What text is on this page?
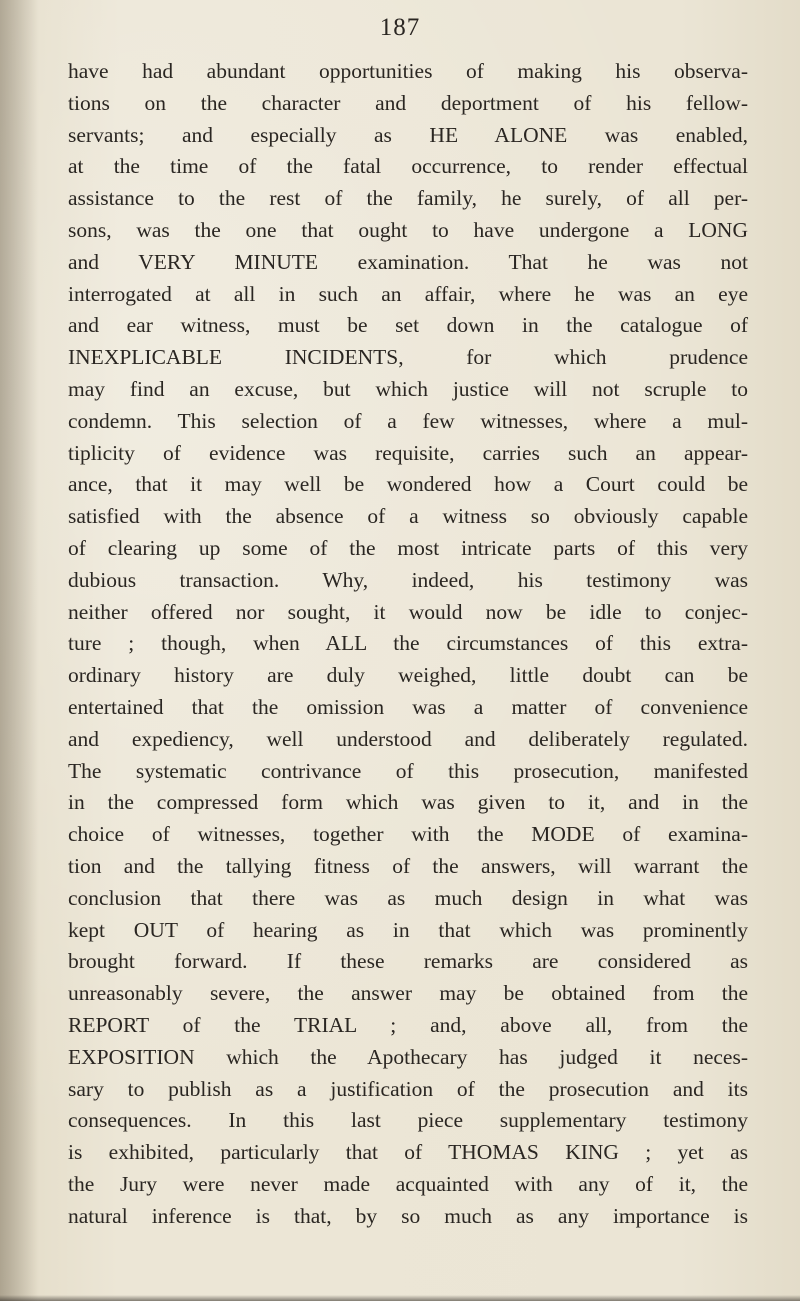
187
have had abundant opportunities of making his observa-
tions on the character and deportment of his fellow-
servants; and especially as HE ALONE was enabled,
at the time of the fatal occurrence, to render effectual
assistance to the rest of the family, he surely, of all per-
sons, was the one that ought to have undergone a LONG
and VERY MINUTE examination. That he was not
interrogated at all in such an affair, where he was an eye
and ear witness, must be set down in the catalogue of
INEXPLICABLE INCIDENTS, for which prudence
may find an excuse, but which justice will not scruple to
condemn. This selection of a few witnesses, where a mul-
tiplicity of evidence was requisite, carries such an appear-
ance, that it may well be wondered how a Court could be
satisfied with the absence of a witness so obviously capable
of clearing up some of the most intricate parts of this very
dubious transaction. Why, indeed, his testimony was
neither offered nor sought, it would now be idle to conjec-
ture ; though, when ALL the circumstances of this extra-
ordinary history are duly weighed, little doubt can be
entertained that the omission was a matter of convenience
and expediency, well understood and deliberately regulated.
The systematic contrivance of this prosecution, manifested
in the compressed form which was given to it, and in the
choice of witnesses, together with the MODE of examina-
tion and the tallying fitness of the answers, will warrant the
conclusion that there was as much design in what was
kept OUT of hearing as in that which was prominently
brought forward. If these remarks are considered as
unreasonably severe, the answer may be obtained from the
REPORT of the TRIAL ; and, above all, from the
EXPOSITION which the Apothecary has judged it neces-
sary to publish as a justification of the prosecution and its
consequences. In this last piece supplementary testimony
is exhibited, particularly that of THOMAS KING ; yet as
the Jury were never made acquainted with any of it, the
natural inference is that, by so much as any importance is
